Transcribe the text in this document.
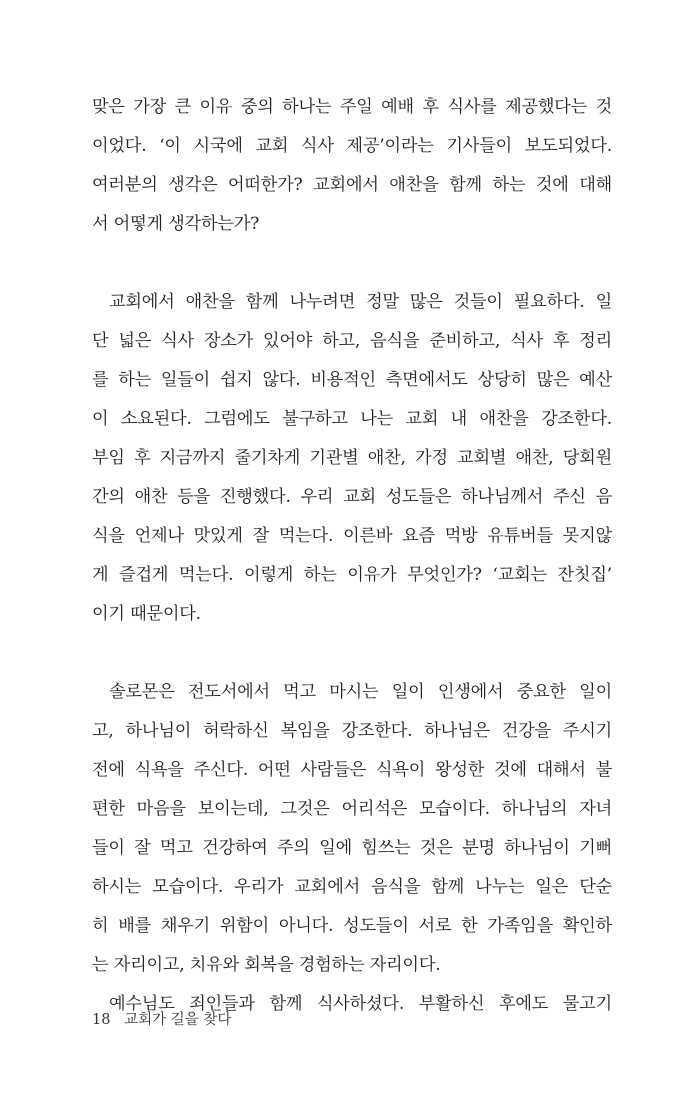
맞은 가장 큰 이유 중의 하나는 주일 예배 후 식사를 제공했다는 것
이었다. ‘이 시국에 교회 식사 제공’이라는 기사들이 보도되었다.
여러분의 생각은 어떠한가? 교회에서 애찬을 함께 하는 것에 대해
서 어떻게 생각하는가?
교회에서 애찬을 함께 나누려면 정말 많은 것들이 필요하다. 일
단 넓은 식사 장소가 있어야 하고, 음식을 준비하고, 식사 후 정리
를 하는 일들이 쉽지 않다. 비용적인 측면에서도 상당히 많은 예산
이 소요된다. 그럼에도 불구하고 나는 교회 내 애찬을 강조한다.
부임 후 지금까지 줄기차게 기관별 애찬, 가정 교회별 애찬, 당회원
간의 애찬 등을 진행했다. 우리 교회 성도들은 하나님께서 주신 음
식을 언제나 맛있게 잘 먹는다. 이른바 요즘 먹방 유튜버들 못지않
게 즐겁게 먹는다. 이렇게 하는 이유가 무엇인가? ‘교회는 잔칫집’
이기 때문이다.
솔로몬은 전도서에서 먹고 마시는 일이 인생에서 중요한 일이
고, 하나님이 허락하신 복임을 강조한다. 하나님은 건강을 주시기
전에 식욕을 주신다. 어떤 사람들은 식욕이 왕성한 것에 대해서 불
편한 마음을 보이는데, 그것은 어리석은 모습이다. 하나님의 자녀
들이 잘 먹고 건강하여 주의 일에 힘쓰는 것은 분명 하나님이 기뻐
하시는 모습이다. 우리가 교회에서 음식을 함께 나누는 일은 단순
히 배를 채우기 위함이 아니다. 성도들이 서로 한 가족임을 확인하
는 자리이고, 치유와 회복을 경험하는 자리이다.
예수님도 죄인들과 함께 식사하셨다. 부활하신 후에도 물고기
18 교회가 길을 찾다
